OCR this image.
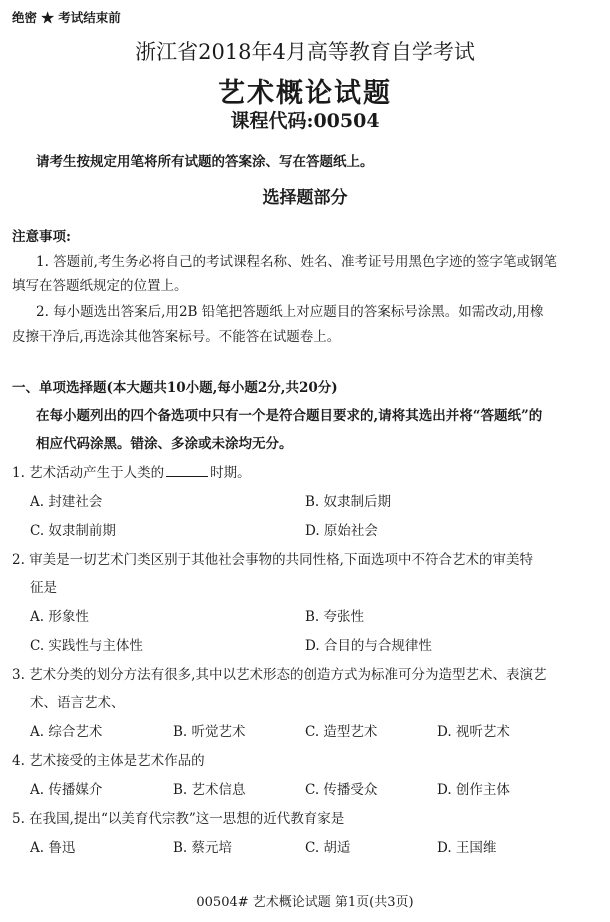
绝密 ★ 考试结束前
浙江省2018年4月高等教育自学考试
艺术概论试题
课程代码:00504
请考生按规定用笔将所有试题的答案涂、写在答题纸上。
选择题部分
注意事项:
1. 答题前,考生务必将自己的考试课程名称、姓名、准考证号用黑色字迹的签字笔或钢笔
填写在答题纸规定的位置上。
2. 每小题选出答案后,用2B 铅笔把答题纸上对应题目的答案标号涂黑。如需改动,用橡
皮擦干净后,再选涂其他答案标号。不能答在试题卷上。
一、单项选择题(本大题共10小题,每小题2分,共20分)
在每小题列出的四个备选项中只有一个是符合题目要求的,请将其选出并将“答题纸”的
相应代码涂黑。错涂、多涂或未涂均无分。
1. 艺术活动产生于人类的	时期。
A. 封建社会	B. 奴隶制后期
C. 奴隶制前期	D. 原始社会
2. 审美是一切艺术门类区别于其他社会事物的共同性格,下面选项中不符合艺术的审美特
征是
A. 形象性	B. 夸张性
C. 实践性与主体性	D. 合目的与合规律性
3. 艺术分类的划分方法有很多,其中以艺术形态的创造方式为标准可分为造型艺术、表演艺
术、语言艺术、
A. 综合艺术	B. 听觉艺术	C. 造型艺术	D. 视听艺术
4. 艺术接受的主体是艺术作品的
A. 传播媒介	B. 艺术信息	C. 传播受众	D. 创作主体
5. 在我国,提出“以美育代宗教”这一思想的近代教育家是
A. 鲁迅	B. 蔡元培	C. 胡适	D. 王国维
00504# 艺术概论试题 第1页(共3页)
